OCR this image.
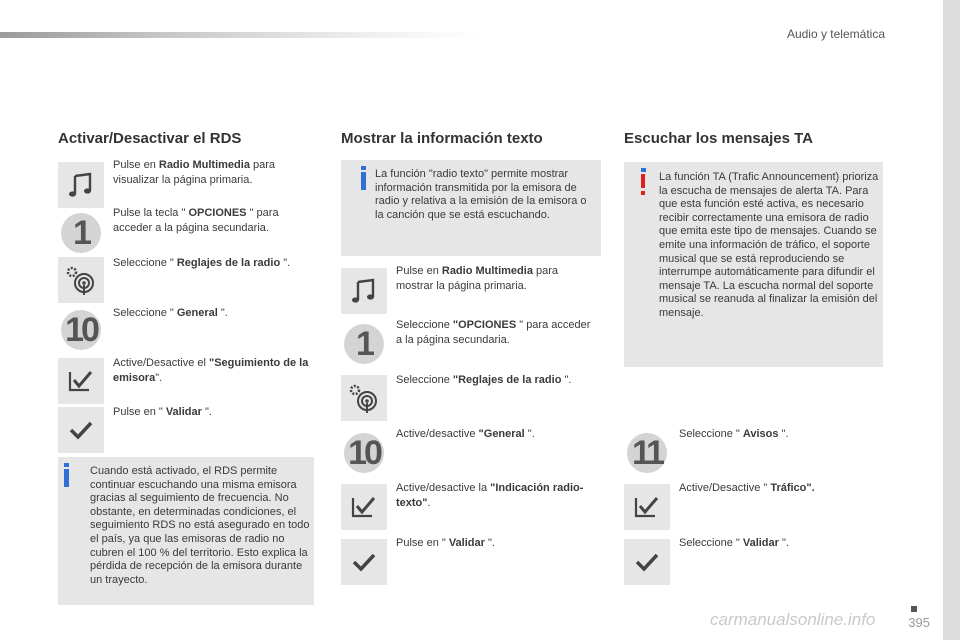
Audio y telemática
Activar/Desactivar el RDS
Pulse en Radio Multimedia para visualizar la página primaria.
1
Pulse la tecla " OPCIONES " para acceder a la página secundaria.
Seleccione " Reglajes de la radio ".
10	Seleccione " General ".
Active/Desactive el "Seguimiento de la emisora".
Pulse en " Validar ".
Cuando está activado, el RDS permite continuar escuchando una misma emisora gracias al seguimiento de frecuencia. No obstante, en determinadas condiciones, el seguimiento RDS no está asegurado en todo el país, ya que las emisoras de radio no cubren el 100 % del territorio. Esto explica la pérdida de recepción de la emisora durante un trayecto.
Mostrar la información texto
La función "radio texto" permite mostrar información transmitida por la emisora de radio y relativa a la emisión de la emisora o la canción que se está escuchando.
Pulse en Radio Multimedia para mostrar la página primaria.
1	Seleccione "OPCIONES " para acceder a la página secundaria.
Seleccione "Reglajes de la radio ".
10	Active/desactive "General ".
Active/desactive la "Indicación radio-texto".
Pulse en " Validar ".
Escuchar los mensajes TA
La función TA (Trafic Announcement) prioriza la escucha de mensajes de alerta TA. Para que esta función esté activa, es necesario recibir correctamente una emisora de radio que emita este tipo de mensajes. Cuando se emite una información de tráfico, el soporte musical que se está reproduciendo se interrumpe automáticamente para difundir el mensaje TA. La escucha normal del soporte musical se reanuda al finalizar la emisión del mensaje.
11	Seleccione " Avisos ".
Active/Desactive " Tráfico".
Seleccione " Validar ".
395
carmanualsonline.info
